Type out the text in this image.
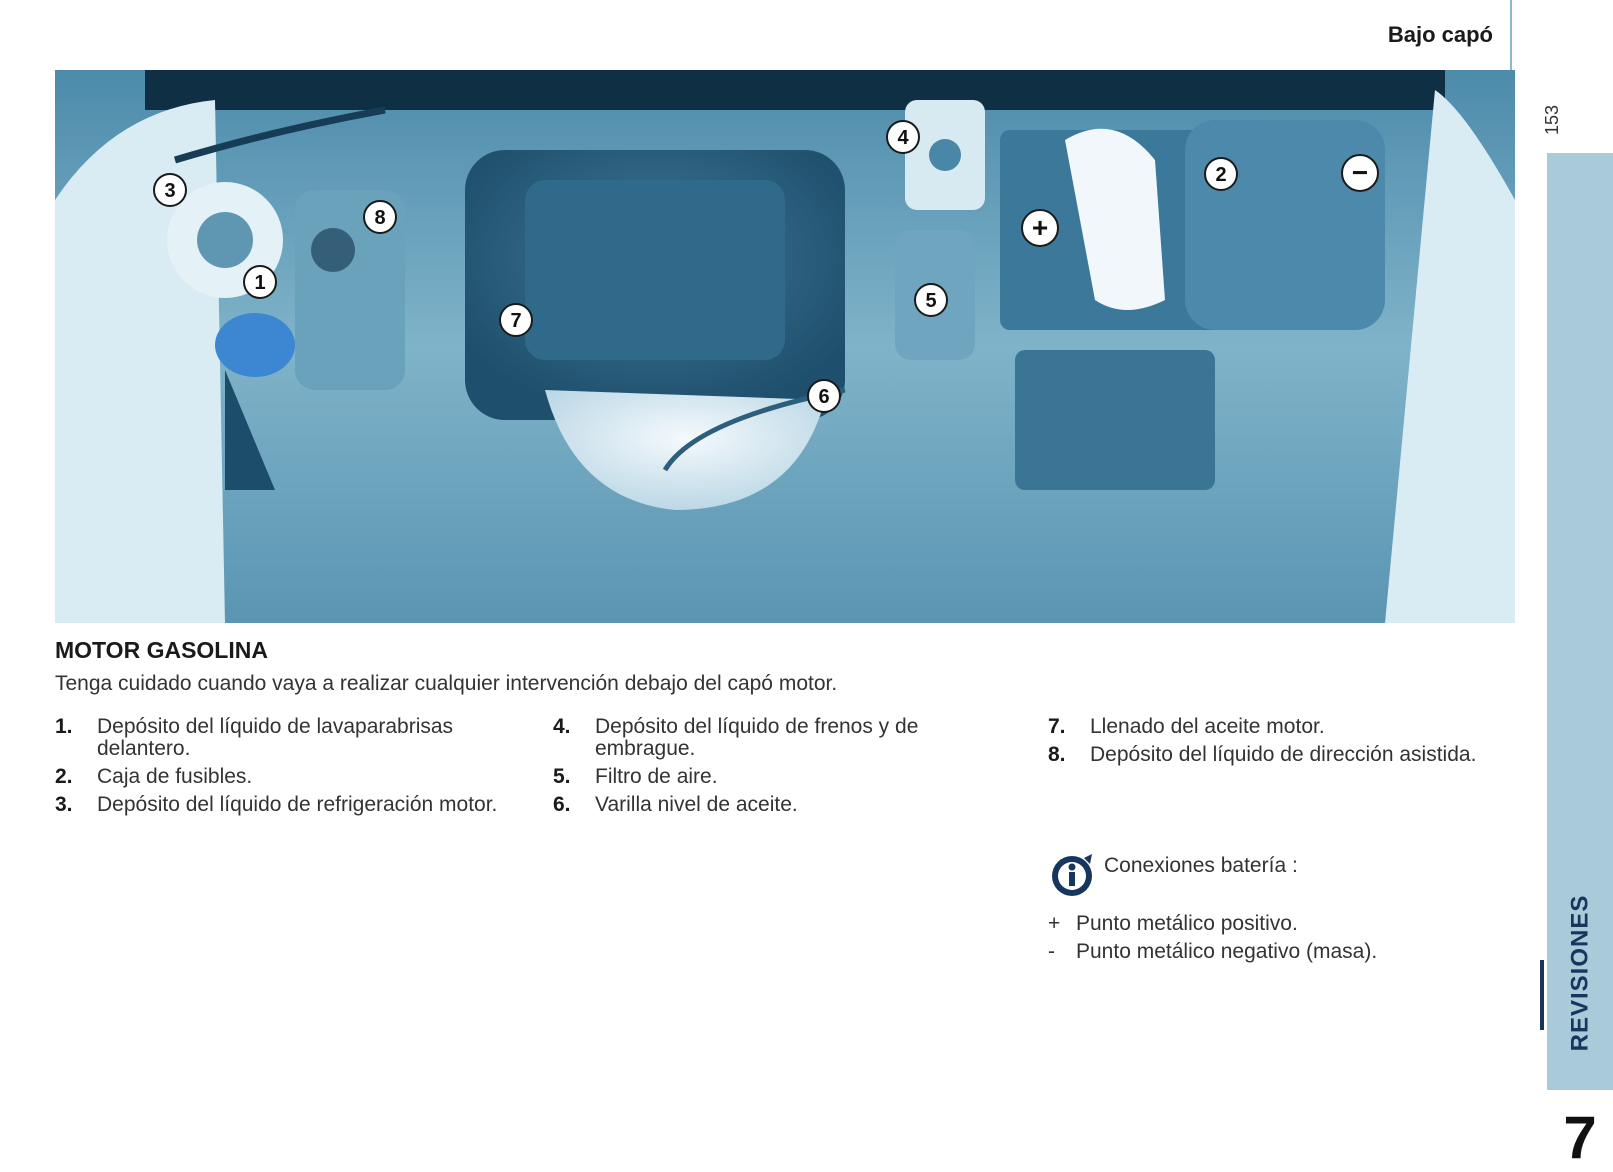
Bajo capó
153
REVISIONES
7
3
8
1
4
2
5
7
6
+
−
MOTOR GASOLINA
Tenga cuidado cuando vaya a realizar cualquier intervención debajo del capó motor.
1.	Depósito del líquido de lavaparabrisas delantero.
2.	Caja de fusibles.
3.	Depósito del líquido de refrigeración motor.
4.	Depósito del líquido de frenos y de embrague.
5.	Filtro de aire.
6.	Varilla nivel de aceite.
7.	Llenado del aceite motor.
8.	Depósito del líquido de dirección asistida.
Conexiones batería :
+ Punto metálico positivo.
-	Punto metálico negativo (masa).
